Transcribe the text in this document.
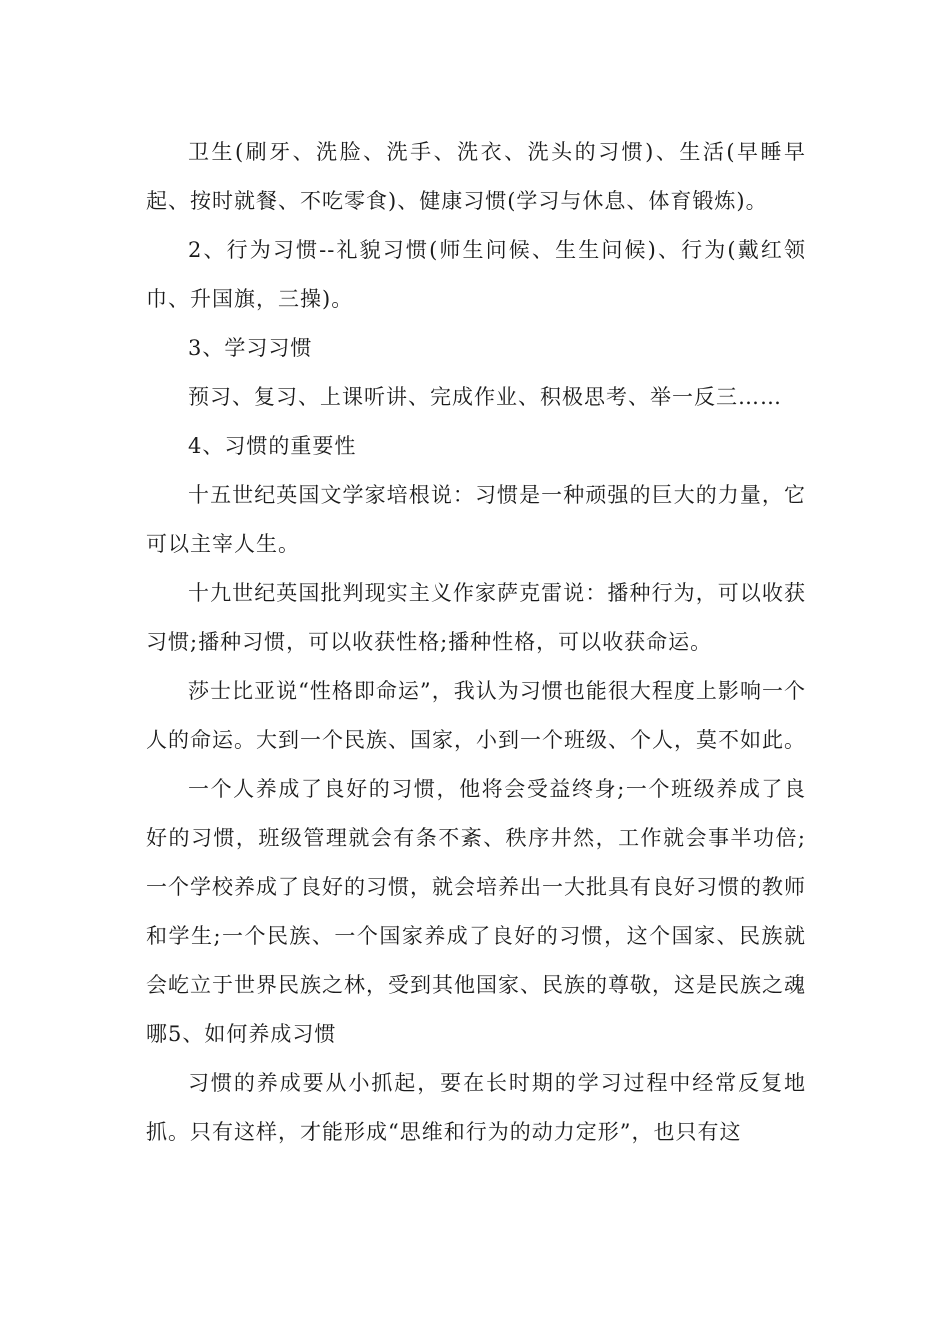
卫生(刷牙、洗脸、洗手、洗衣、洗头的习惯)、生活(早睡早起、按时就餐、不吃零食)、健康习惯(学习与休息、体育锻炼)。

2、行为习惯--礼貌习惯(师生问候、生生问候)、行为(戴红领巾、升国旗，三操)。

3、学习习惯

预习、复习、上课听讲、完成作业、积极思考、举一反三……

4、习惯的重要性

十五世纪英国文学家培根说：习惯是一种顽强的巨大的力量，它可以主宰人生。

十九世纪英国批判现实主义作家萨克雷说：播种行为，可以收获习惯;播种习惯，可以收获性格;播种性格，可以收获命运。

莎士比亚说“性格即命运”，我认为习惯也能很大程度上影响一个人的命运。大到一个民族、国家，小到一个班级、个人，莫不如此。

一个人养成了良好的习惯，他将会受益终身;一个班级养成了良好的习惯，班级管理就会有条不紊、秩序井然，工作就会事半功倍;一个学校养成了良好的习惯，就会培养出一大批具有良好习惯的教师和学生;一个民族、一个国家养成了良好的习惯，这个国家、民族就会屹立于世界民族之林，受到其他国家、民族的尊敬，这是民族之魂哪5、如何养成习惯

习惯的养成要从小抓起，要在长时期的学习过程中经常反复地抓。只有这样，才能形成“思维和行为的动力定形”，也只有这
